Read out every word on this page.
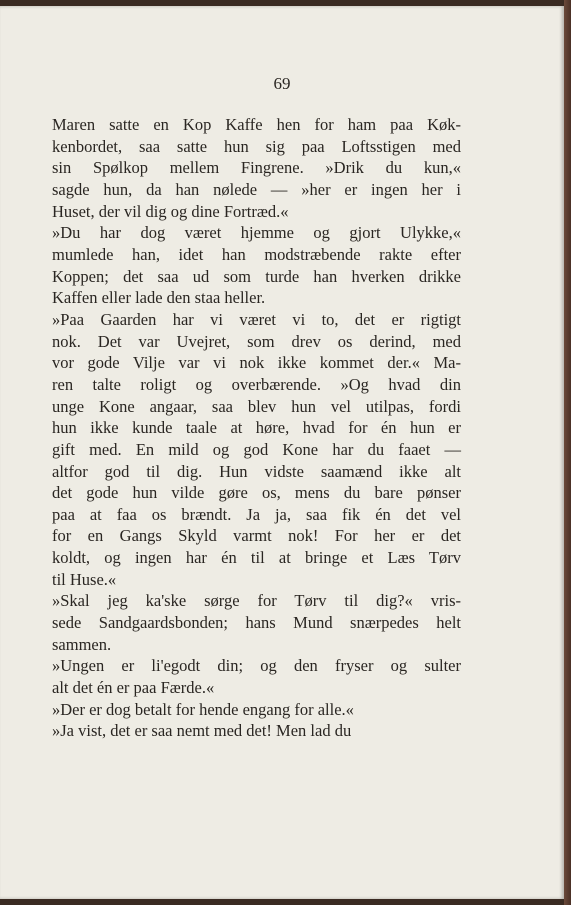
69
Maren satte en Kop Kaffe hen for ham paa Køk-
kenbordet, saa satte hun sig paa Loftsstigen med
sin Spølkop mellem Fingrene. »Drik du kun,«
sagde hun, da han nølede — »her er ingen her i
Huset, der vil dig og dine Fortræd.«
»Du har dog været hjemme og gjort Ulykke,«
mumlede han, idet han modstræbende rakte efter
Koppen; det saa ud som turde han hverken drikke
Kaffen eller lade den staa heller.
»Paa Gaarden har vi været vi to, det er rigtigt
nok. Det var Uvejret, som drev os derind, med
vor gode Vilje var vi nok ikke kommet der.« Ma-
ren talte roligt og overbærende. »Og hvad din
unge Kone angaar, saa blev hun vel utilpas, fordi
hun ikke kunde taale at høre, hvad for én hun er
gift med. En mild og god Kone har du faaet —
altfor god til dig. Hun vidste saamænd ikke alt
det gode hun vilde gøre os, mens du bare pønser
paa at faa os brændt. Ja ja, saa fik én det vel
for en Gangs Skyld varmt nok! For her er det
koldt, og ingen har én til at bringe et Læs Tørv
til Huse.«
»Skal jeg ka'ske sørge for Tørv til dig?« vris-
sede Sandgaardsbonden; hans Mund snærpedes helt
sammen.
»Ungen er li'egodt din; og den fryser og sulter
alt det én er paa Færde.«
»Der er dog betalt for hende engang for alle.«
»Ja vist, det er saa nemt med det! Men lad du
